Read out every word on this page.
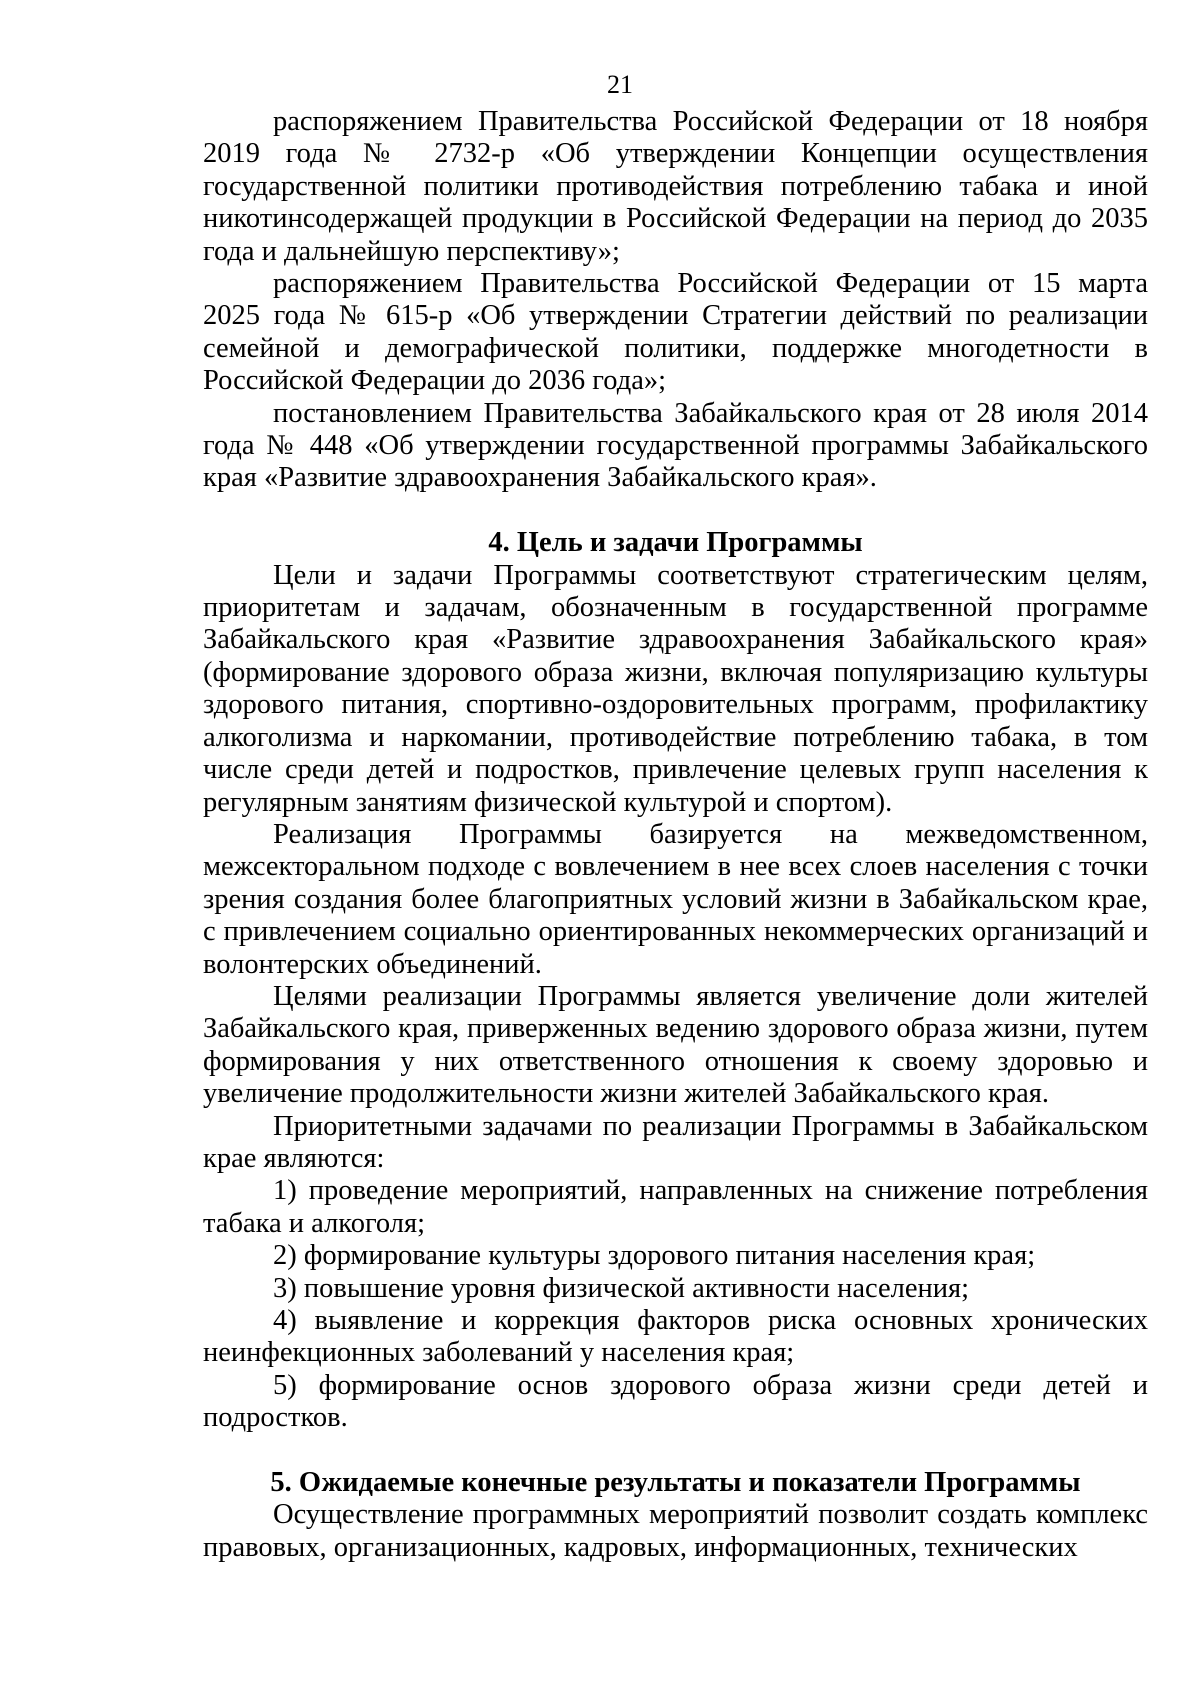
21

распоряжением Правительства Российской Федерации от 18 ноября 2019 года № 2732-р «Об утверждении Концепции осуществления государственной политики противодействия потреблению табака и иной никотинсодержащей продукции в Российской Федерации на период до 2035 года и дальнейшую перспективу»;

распоряжением Правительства Российской Федерации от 15 марта 2025 года № 615-р «Об утверждении Стратегии действий по реализации семейной и демографической политики, поддержке многодетности в Российской Федерации до 2036 года»;

постановлением Правительства Забайкальского края от 28 июля 2014 года № 448 «Об утверждении государственной программы Забайкальского края «Развитие здравоохранения Забайкальского края».

4. Цель и задачи Программы

Цели и задачи Программы соответствуют стратегическим целям, приоритетам и задачам, обозначенным в государственной программе Забайкальского края «Развитие здравоохранения Забайкальского края» (формирование здорового образа жизни, включая популяризацию культуры здорового питания, спортивно-оздоровительных программ, профилактику алкоголизма и наркомании, противодействие потреблению табака, в том числе среди детей и подростков, привлечение целевых групп населения к регулярным занятиям физической культурой и спортом).

Реализация Программы базируется на межведомственном, межсекторальном подходе с вовлечением в нее всех слоев населения с точки зрения создания более благоприятных условий жизни в Забайкальском крае, с привлечением социально ориентированных некоммерческих организаций и волонтерских объединений.

Целями реализации Программы является увеличение доли жителей Забайкальского края, приверженных ведению здорового образа жизни, путем формирования у них ответственного отношения к своему здоровью и увеличение продолжительности жизни жителей Забайкальского края.

Приоритетными задачами по реализации Программы в Забайкальском крае являются:

1) проведение мероприятий, направленных на снижение потребления табака и алкоголя;

2) формирование культуры здорового питания населения края;

3) повышение уровня физической активности населения;

4) выявление и коррекция факторов риска основных хронических неинфекционных заболеваний у населения края;

5) формирование основ здорового образа жизни среди детей и подростков.

5. Ожидаемые конечные результаты и показатели Программы

Осуществление программных мероприятий позволит создать комплекс правовых, организационных, кадровых, информационных, технических
